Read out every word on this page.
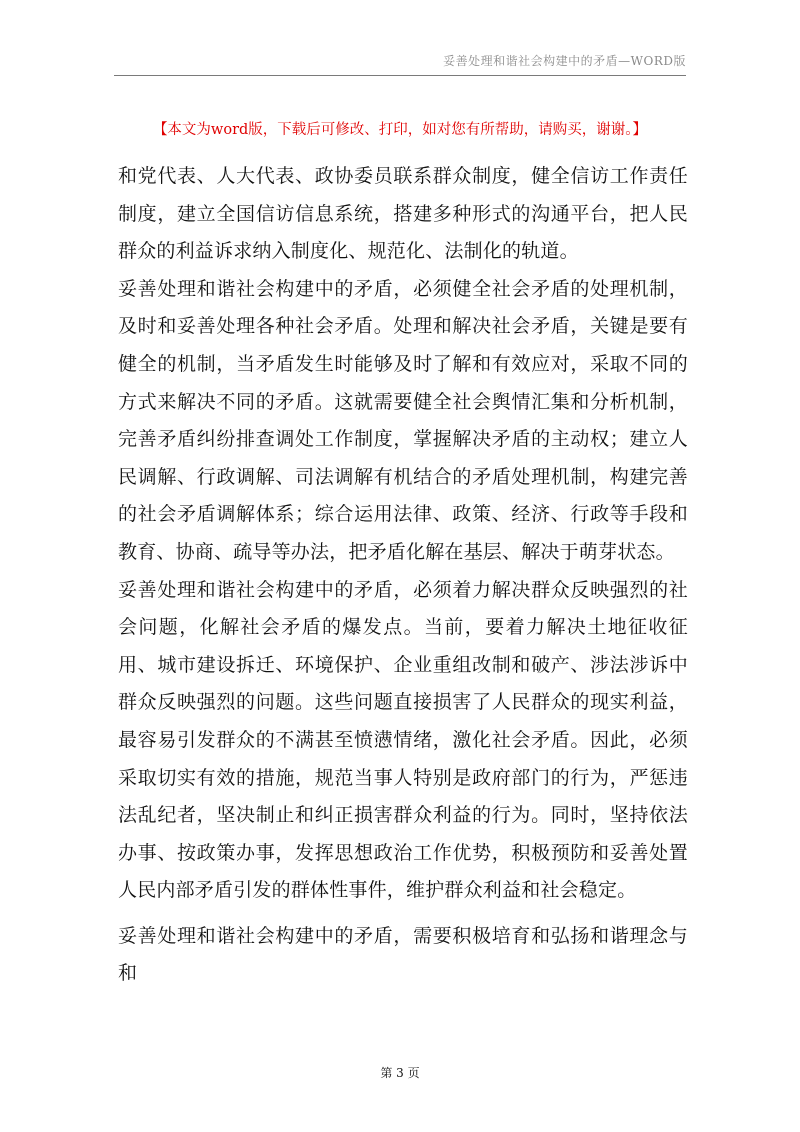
妥善处理和谐社会构建中的矛盾—WORD版
【本文为word版，下载后可修改、打印，如对您有所帮助，请购买，谢谢。】

和党代表、人大代表、政协委员联系群众制度，健全信访工作责任制度，建立全国信访信息系统，搭建多种形式的沟通平台，把人民群众的利益诉求纳入制度化、规范化、法制化的轨道。

妥善处理和谐社会构建中的矛盾，必须健全社会矛盾的处理机制，及时和妥善处理各种社会矛盾。处理和解决社会矛盾，关键是要有健全的机制，当矛盾发生时能够及时了解和有效应对，采取不同的方式来解决不同的矛盾。这就需要健全社会舆情汇集和分析机制，完善矛盾纠纷排查调处工作制度，掌握解决矛盾的主动权；建立人民调解、行政调解、司法调解有机结合的矛盾处理机制，构建完善的社会矛盾调解体系；综合运用法律、政策、经济、行政等手段和教育、协商、疏导等办法，把矛盾化解在基层、解决于萌芽状态。

妥善处理和谐社会构建中的矛盾，必须着力解决群众反映强烈的社会问题，化解社会矛盾的爆发点。当前，要着力解决土地征收征用、城市建设拆迁、环境保护、企业重组改制和破产、涉法涉诉中群众反映强烈的问题。这些问题直接损害了人民群众的现实利益，最容易引发群众的不满甚至愤懑情绪，激化社会矛盾。因此，必须采取切实有效的措施，规范当事人特别是政府部门的行为，严惩违法乱纪者，坚决制止和纠正损害群众利益的行为。同时，坚持依法办事、按政策办事，发挥思想政治工作优势，积极预防和妥善处置人民内部矛盾引发的群体性事件，维护群众利益和社会稳定。

妥善处理和谐社会构建中的矛盾，需要积极培育和弘扬和谐理念与和

第 3 页
